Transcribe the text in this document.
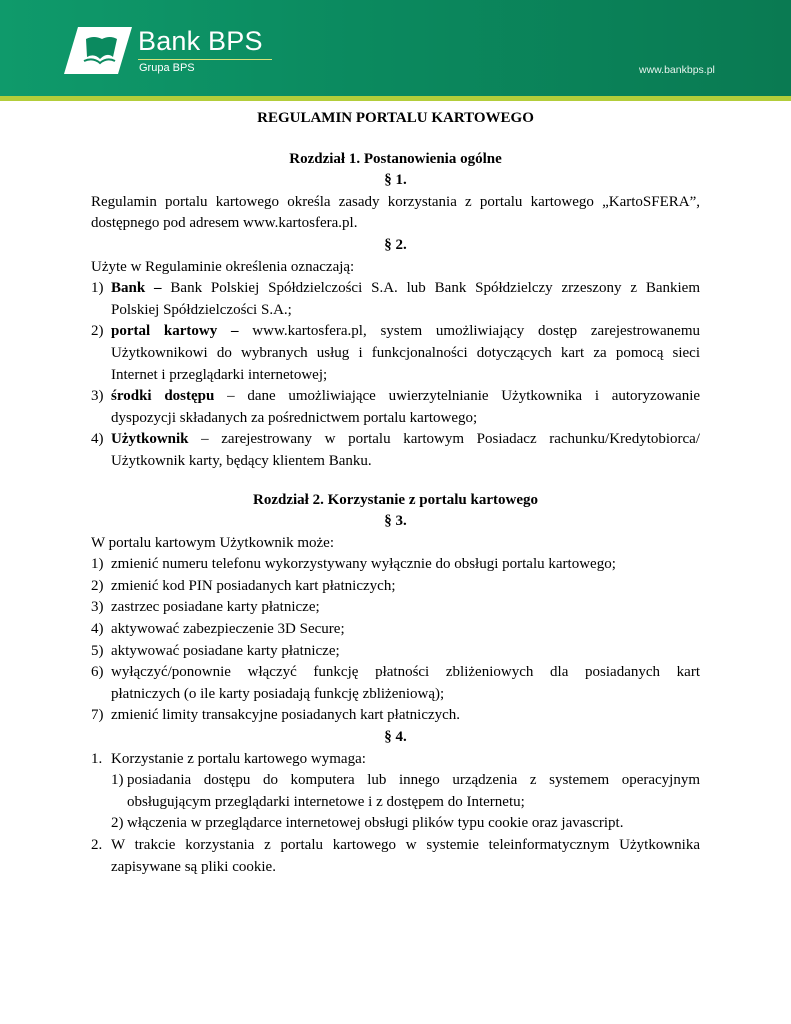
Bank BPS
Grupa BPS	www.bankbps.pl

REGULAMIN PORTALU KARTOWEGO

Rozdział 1. Postanowienia ogólne

§ 1.

Regulamin portalu kartowego określa zasady korzystania z portalu kartowego „KartoSFERA”,

dostępnego pod adresem www.kartosfera.pl.

§ 2.

Użyte w Regulaminie określenia oznaczają:

1) Bank – Bank Polskiej Spółdzielczości S.A. lub Bank Spółdzielczy zrzeszony z Bankiem
Polskiej Spółdzielczości S.A.;
2) portal kartowy – www.kartosfera.pl, system umożliwiający dostęp zarejestrowanemu
Użytkownikowi do wybranych usług i funkcjonalności dotyczących kart za pomocą sieci
Internet i przeglądarki internetowej;
3) środki dostępu – dane umożliwiające uwierzytelnianie Użytkownika i autoryzowanie
dyspozycji składanych za pośrednictwem portalu kartowego;
4) Użytkownik – zarejestrowany w portalu kartowym Posiadacz rachunku/Kredytobiorca/
Użytkownik karty, będący klientem Banku.

Rozdział 2. Korzystanie z portalu kartowego

§ 3.

W portalu kartowym Użytkownik może:

1) zmienić numeru telefonu wykorzystywany wyłącznie do obsługi portalu kartowego;
2) zmienić kod PIN posiadanych kart płatniczych;
3) zastrzec posiadane karty płatnicze;
4) aktywować zabezpieczenie 3D Secure;
5) aktywować posiadane karty płatnicze;
6) wyłączyć/ponownie włączyć funkcję płatności zbliżeniowych dla posiadanych kart
płatniczych (o ile karty posiadają funkcję zbliżeniową);
7) zmienić limity transakcyjne posiadanych kart płatniczych.

§ 4.

1. Korzystanie z portalu kartowego wymaga:
1) posiadania dostępu do komputera lub innego urządzenia z systemem operacyjnym
obsługującym przeglądarki internetowe i z dostępem do Internetu;
2) włączenia w przeglądarce internetowej obsługi plików typu cookie oraz javascript.
2. W trakcie korzystania z portalu kartowego w systemie teleinformatycznym Użytkownika
zapisywane są pliki cookie.
